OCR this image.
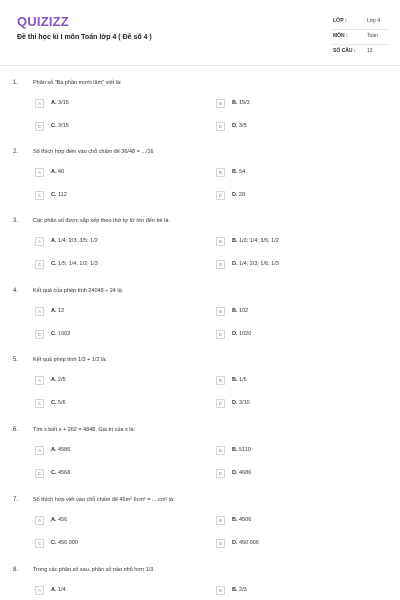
QUIZIZZ
Đề thi học kì I môn Toán lớp 4 ( Đề số 4 )
LỚP :	Lớp 4
MÔN :	Toán
SỐ CÂU : 12
1.	Phân số "Ba phần mười lăm" viết là:
A	A. 3/15	B	B. 15/3
C	C. 3/15	D	D. 3/5
2.	Số thích hợp điền vào chỗ chấm để 36/48 = .../16
A	A. 40	B	B. 54
C	C. 112	D	D. 28
3.	Các phân số được sắp xếp theo thứ tự từ lớn đến bé là:
A	A. 1/4; 2/3; 3/5; 1/2	B	B. 1/3; 1/4; 3/5; 1/2
C	C. 1/5; 1/4; 1/2; 1/3	D	D. 1/4; 2/3; 1/6; 1/3
4.	Kết quả của phép tính 24048 ÷ 24 là:
A	A. 12	B	B. 102
C	C. 1002	D	D. 1020
5.	Kết quả phép tính 1/3 + 1/2 là:
A	A. 2/5	B	B. 1/5
C	C. 5/6	D	D. 3/10
6.	Tìm x biết x + 262 = 4848. Giá trị của x là:
A	A. 4586	B	B. 5110
C	C. 4568	D	D. 4686
7.	Số thích hợp viết vào chỗ chấm để 45m² 6cm² = ....cm² là:
A	A. 456	B	B. 4506
C	C. 456 000	D	D. 450 006
8.	Trong các phân số sau, phân số nào nhỏ hơn 1/3.
A	A. 1/4	B	B. 2/3
